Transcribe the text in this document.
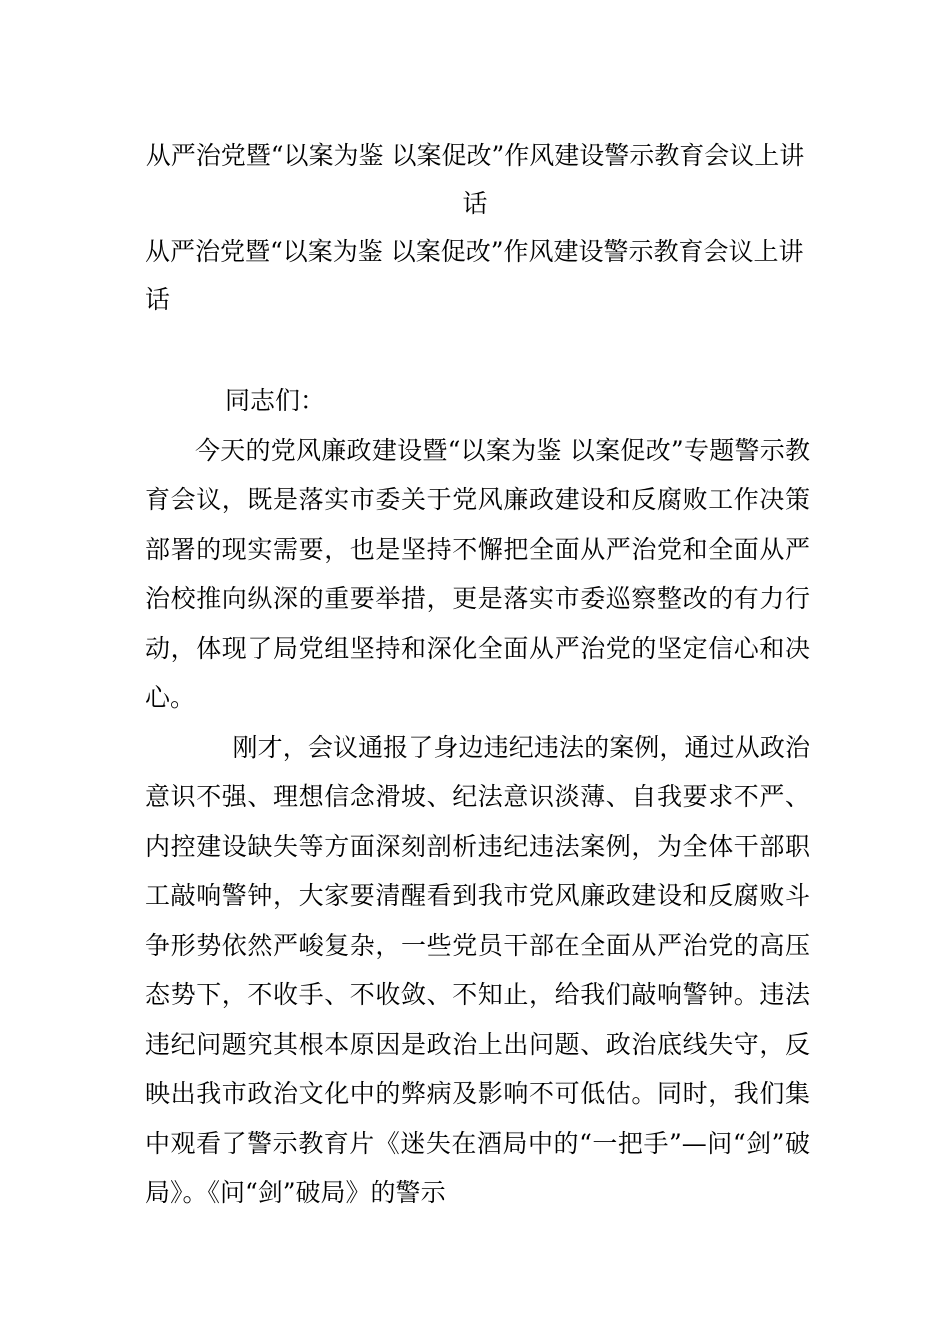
从严治党暨“以案为鉴 以案促改”作风建设警示教育会议上讲话
从严治党暨“以案为鉴 以案促改”作风建设警示教育会议上讲话

同志们：

今天的党风廉政建设暨“以案为鉴 以案促改”专题警示教育会议，既是落实市委关于党风廉政建设和反腐败工作决策部署的现实需要，也是坚持不懈把全面从严治党和全面从严治校推向纵深的重要举措，更是落实市委巡察整改的有力行动，体现了局党组坚持和深化全面从严治党的坚定信心和决心。

刚才，会议通报了身边违纪违法的案例，通过从政治意识不强、理想信念滑坡、纪法意识淡薄、自我要求不严、内控建设缺失等方面深刻剖析违纪违法案例，为全体干部职工敲响警钟，大家要清醒看到我市党风廉政建设和反腐败斗争形势依然严峻复杂，一些党员干部在全面从严治党的高压态势下，不收手、不收敛、不知止，给我们敲响警钟。违法违纪问题究其根本原因是政治上出问题、政治底线失守，反映出我市政治文化中的弊病及影响不可低估。同时，我们集中观看了警示教育片《迷失在酒局中的“一把手”—问“剑”破局》。《问“剑”破局》的警示
